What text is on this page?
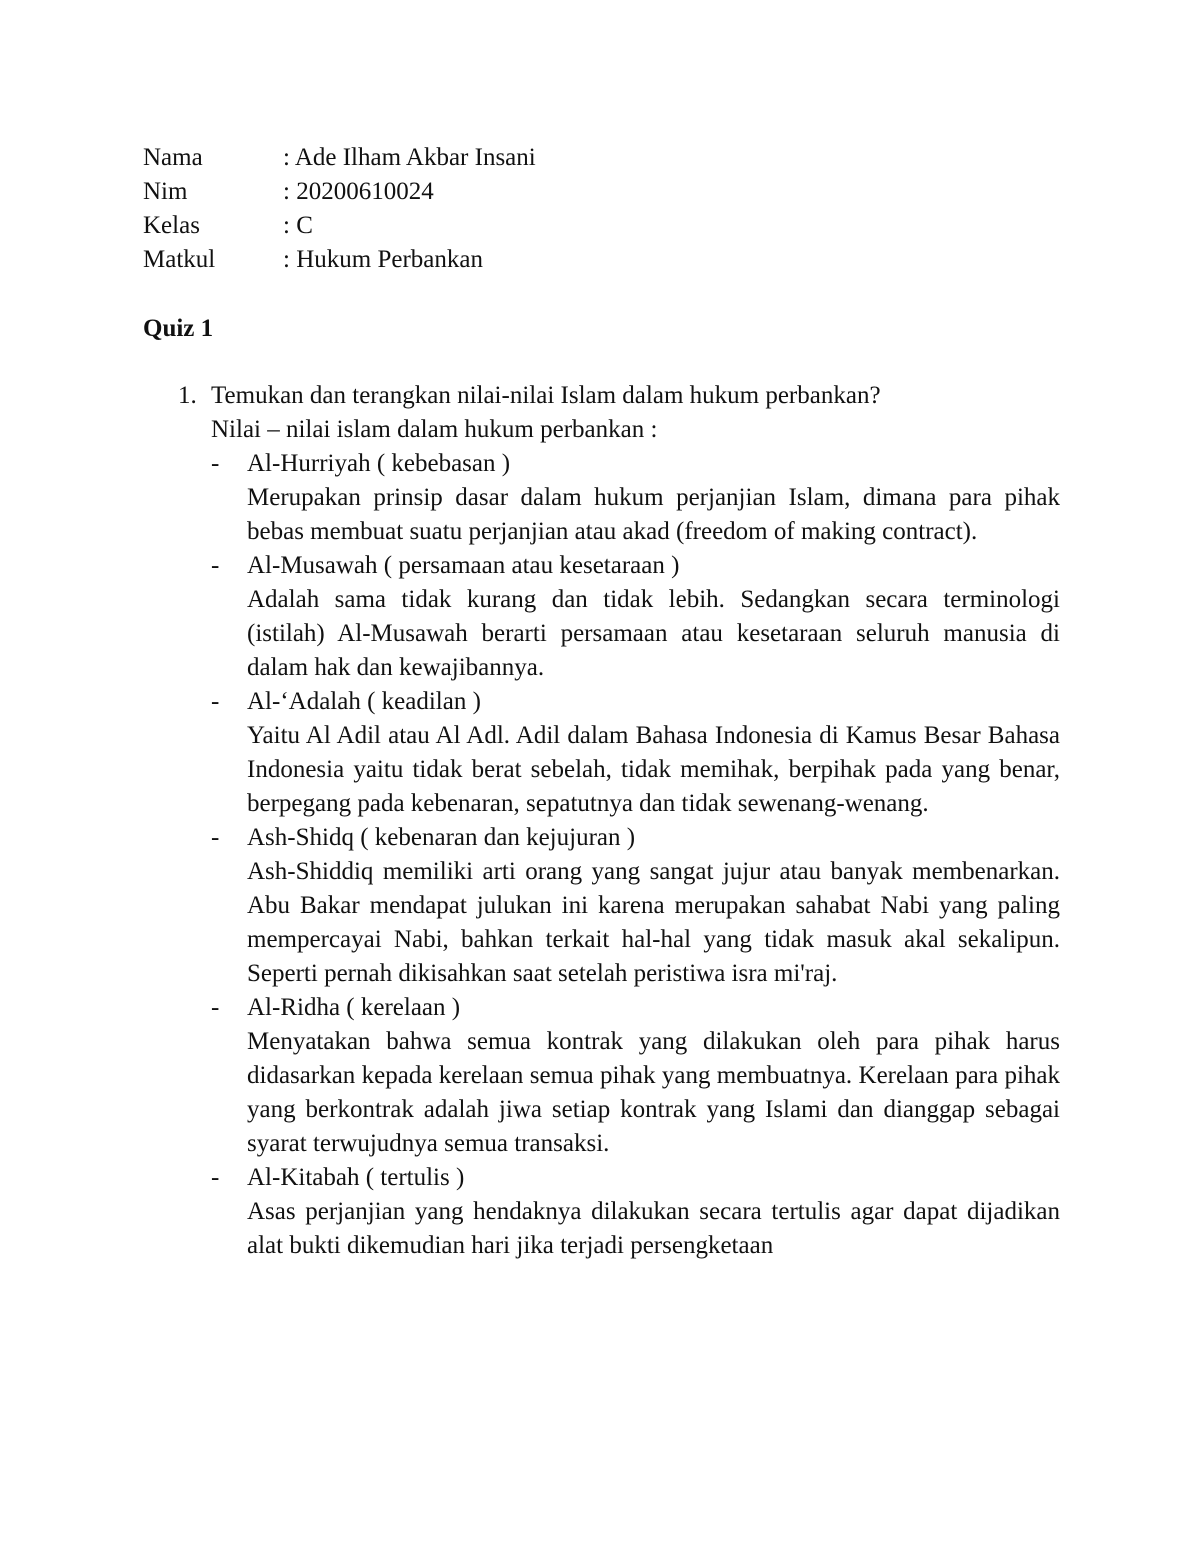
Nama	: Ade Ilham Akbar Insani
Nim	: 20200610024
Kelas	: C
Matkul	: Hukum Perbankan
Quiz 1
1. Temukan dan terangkan nilai-nilai Islam dalam hukum perbankan?
Nilai – nilai islam dalam hukum perbankan :
- Al-Hurriyah ( kebebasan )

Merupakan prinsip dasar dalam hukum perjanjian Islam, dimana para pihak bebas membuat suatu perjanjian atau akad (freedom of making contract).

- Al-Musawah ( persamaan atau kesetaraan )

Adalah sama tidak kurang dan tidak lebih. Sedangkan secara terminologi (istilah) Al-Musawah berarti persamaan atau kesetaraan seluruh manusia di dalam hak dan kewajibannya.

- Al-‘Adalah ( keadilan )

Yaitu Al Adil atau Al Adl. Adil dalam Bahasa Indonesia di Kamus Besar Bahasa Indonesia yaitu tidak berat sebelah, tidak memihak, berpihak pada yang benar, berpegang pada kebenaran, sepatutnya dan tidak sewenang-wenang.

- Ash-Shidq ( kebenaran dan kejujuran )

Ash-Shiddiq memiliki arti orang yang sangat jujur atau banyak membenarkan. Abu Bakar mendapat julukan ini karena merupakan sahabat Nabi yang paling mempercayai Nabi, bahkan terkait hal-hal yang tidak masuk akal sekalipun. Seperti pernah dikisahkan saat setelah peristiwa isra mi'raj.

- Al-Ridha ( kerelaan )

Menyatakan bahwa semua kontrak yang dilakukan oleh para pihak harus didasarkan kepada kerelaan semua pihak yang membuatnya. Kerelaan para pihak yang berkontrak adalah jiwa setiap kontrak yang Islami dan dianggap sebagai syarat terwujudnya semua transaksi.

- Al-Kitabah ( tertulis )

Asas perjanjian yang hendaknya dilakukan secara tertulis agar dapat dijadikan alat bukti dikemudian hari jika terjadi persengketaan
